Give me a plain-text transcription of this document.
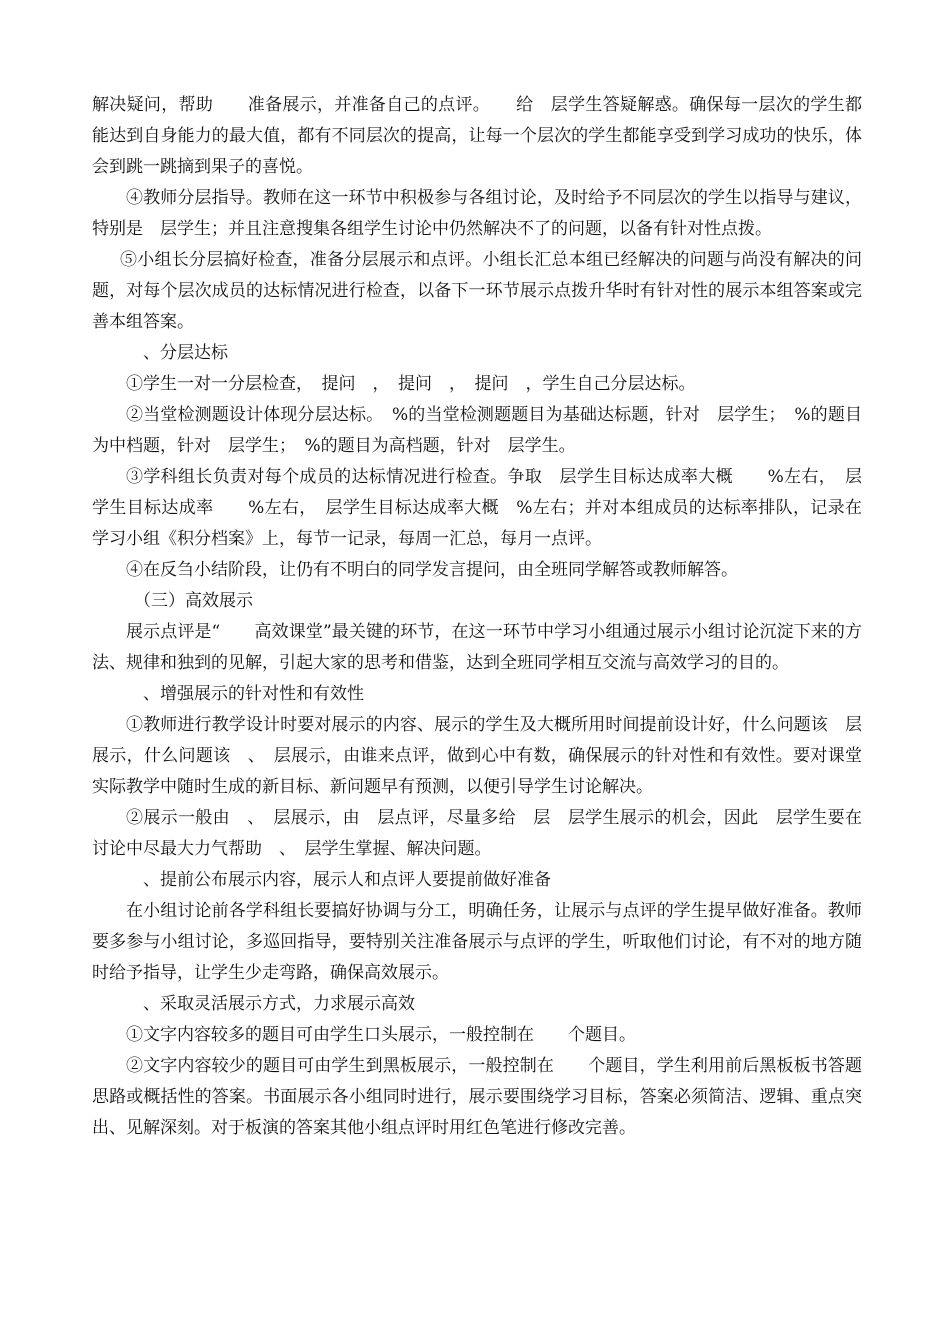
解决疑问，帮助　　准备展示，并准备自己的点评。　　给　层学生答疑解惑。确保每一层次的学生都能达到自身能力的最大值，都有不同层次的提高，让每一个层次的学生都能享受到学习成功的快乐，体会到跳一跳摘到果子的喜悦。

④教师分层指导。教师在这一环节中积极参与各组讨论，及时给予不同层次的学生以指导与建议，特别是　层学生；并且注意搜集各组学生讨论中仍然解决不了的问题，以备有针对性点拨。

⑤小组长分层搞好检查，准备分层展示和点评。小组长汇总本组已经解决的问题与尚没有解决的问题，对每个层次成员的达标情况进行检查，以备下一环节展示点拨升华时有针对性的展示本组答案或完善本组答案。

　、分层达标

①学生一对一分层检查，　提问　，　提问　，　提问　，学生自己分层达标。

②当堂检测题设计体现分层达标。　%的当堂检测题题目为基础达标题，针对　层学生；　%的题目为中档题，针对　层学生；　%的题目为高档题，针对　层学生。

③学科组长负责对每个成员的达标情况进行检查。争取　层学生目标达成率大概　　%左右，　层学生目标达成率　　%左右，　层学生目标达成率大概　%左右；并对本组成员的达标率排队，记录在学习小组《积分档案》上，每节一记录，每周一汇总，每月一点评。

④在反刍小结阶段，让仍有不明白的同学发言提问，由全班同学解答或教师解答。

（三）高效展示

展示点评是“　　高效课堂”最关键的环节，在这一环节中学习小组通过展示小组讨论沉淀下来的方法、规律和独到的见解，引起大家的思考和借鉴，达到全班同学相互交流与高效学习的目的。

　、增强展示的针对性和有效性

①教师进行教学设计时要对展示的内容、展示的学生及大概所用时间提前设计好，什么问题该　层展示，什么问题该　、　层展示，由谁来点评，做到心中有数，确保展示的针对性和有效性。要对课堂实际教学中随时生成的新目标、新问题早有预测，以便引导学生讨论解决。

②展示一般由　、　层展示，由　层点评，尽量多给　层　层学生展示的机会，因此　层学生要在讨论中尽最大力气帮助　、　层学生掌握、解决问题。

　、提前公布展示内容，展示人和点评人要提前做好准备

在小组讨论前各学科组长要搞好协调与分工，明确任务，让展示与点评的学生提早做好准备。教师要多参与小组讨论，多巡回指导，要特别关注准备展示与点评的学生，听取他们讨论，有不对的地方随时给予指导，让学生少走弯路，确保高效展示。

　、采取灵活展示方式，力求展示高效

①文字内容较多的题目可由学生口头展示，一般控制在　　个题目。

②文字内容较少的题目可由学生到黑板展示，一般控制在　　个题目，学生利用前后黑板板书答题思路或概括性的答案。书面展示各小组同时进行，展示要围绕学习目标，答案必须简洁、逻辑、重点突出、见解深刻。对于板演的答案其他小组点评时用红色笔进行修改完善。
